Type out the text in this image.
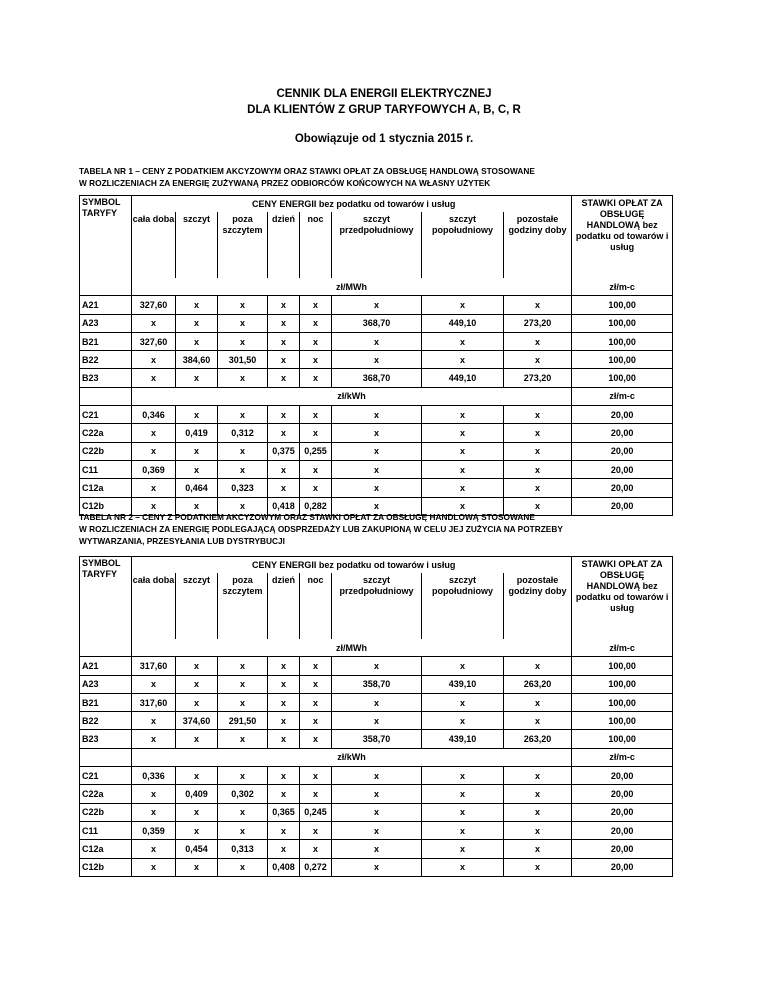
CENNIK DLA ENERGII ELEKTRYCZNEJ
DLA KLIENTÓW Z GRUP TARYFOWYCH A, B, C, R
Obowiązuje od 1 stycznia 2015 r.
TABELA NR 1 – CENY Z PODATKIEM AKCYZOWYM ORAZ STAWKI OPŁAT ZA OBSŁUGĘ HANDLOWĄ STOSOWANE
W ROZLICZENIACH ZA ENERGIĘ ZUŻYWANĄ PRZEZ ODBIORCÓW KOŃCOWYCH NA WŁASNY UŻYTEK
SYMBOL TARYFY	CENY ENERGII bez podatku od towarów i usług								STAWKI OPŁAT ZA OBSŁUGĘ HANDLOWĄ bez podatku od towarów i usług
	cała doba	szczyt	poza szczytem	dzień	noc	szczyt przedpołudniowy	szczyt popołudniowy	pozostałe godziny doby	
	zł/MWh								zł/m-c
A21	327,60	x	x	x	x	x	x	x	100,00
A23	x	x	x	x	x	368,70	449,10	273,20	100,00
B21	327,60	x	x	x	x	x	x	x	100,00
B22	x	384,60	301,50	x	x	x	x	x	100,00
B23	x	x	x	x	x	368,70	449,10	273,20	100,00
	zł/kWh								zł/m-c
C21	0,346	x	x	x	x	x	x	x	20,00
C22a	x	0,419	0,312	x	x	x	x	x	20,00
C22b	x	x	x	0,375	0,255	x	x	x	20,00
C11	0,369	x	x	x	x	x	x	x	20,00
C12a	x	0,464	0,323	x	x	x	x	x	20,00
C12b	x	x	x	0,418	0,282	x	x	x	20,00
TABELA NR 2 – CENY Z PODATKIEM AKCYZOWYM ORAZ STAWKI OPŁAT ZA OBSŁUGĘ HANDLOWĄ STOSOWANE
W ROZLICZENIACH ZA ENERGIĘ PODLEGAJĄCĄ ODSPRZEDAŻY LUB ZAKUPIONĄ W CELU JEJ ZUŻYCIA NA POTRZEBY
WYTWARZANIA, PRZESYŁANIA LUB DYSTRYBUCJI
SYMBOL TARYFY	CENY ENERGII bez podatku od towarów i usług								STAWKI OPŁAT ZA OBSŁUGĘ HANDLOWĄ bez podatku od towarów i usług
	cała doba	szczyt	poza szczytem	dzień	noc	szczyt przedpołudniowy	szczyt popołudniowy	pozostałe godziny doby	
	zł/MWh								zł/m-c
A21	317,60	x	x	x	x	x	x	x	100,00
A23	x	x	x	x	x	358,70	439,10	263,20	100,00
B21	317,60	x	x	x	x	x	x	x	100,00
B22	x	374,60	291,50	x	x	x	x	x	100,00
B23	x	x	x	x	x	358,70	439,10	263,20	100,00
	zł/kWh								zł/m-c
C21	0,336	x	x	x	x	x	x	x	20,00
C22a	x	0,409	0,302	x	x	x	x	x	20,00
C22b	x	x	x	0,365	0,245	x	x	x	20,00
C11	0,359	x	x	x	x	x	x	x	20,00
C12a	x	0,454	0,313	x	x	x	x	x	20,00
C12b	x	x	x	0,408	0,272	x	x	x	20,00
